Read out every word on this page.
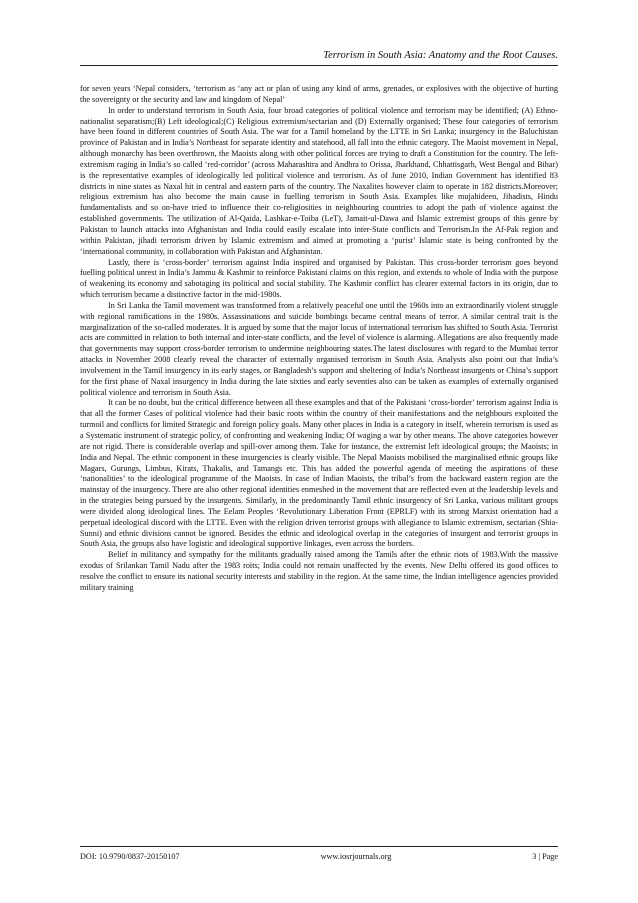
Terrorism in South Asia: Anatomy and the Root Causes.

for seven years ‘Nepal considers, ‘terrorism as ‘any act or plan of using any kind of arms, grenades, or explosives with the objective of hurting the sovereignty or the security and law and kingdom of Nepal’

In order to understand terrorism in South Asia, four broad categories of political violence and terrorism may be identified; (A) Ethno-nationalist separatism;(B) Left ideological;(C) Religious extremism/sectarian and (D) Externally organised; These four categories of terrorism have been found in different countries of South Asia. The war for a Tamil homeland by the LTTE in Sri Lanka; insurgency in the Baluchistan province of Pakistan and in India’s Northeast for separate identity and statehood, all fall into the ethnic category. The Maoist movement in Nepal, although monarchy has been overthrown, the Maoists along with other political forces are trying to draft a Constitution for the country. The left-extremism raging in India’s so called ‘red-corridor’ (across Maharashtra and Andhra to Orissa, Jharkhand, Chhattisgarh, West Bengal and Bihar) is the representative examples of ideologically led political violence and terrorism. As of June 2010, Indian Government has identified 83 districts in nine states as Naxal hit in central and eastern parts of the country. The Naxalites however claim to operate in 182 districts.Moreover; religious extremism has also become the main cause in fuelling terrorism in South Asia. Examples like mujahideen, Jihadists, Hindu fundamentalists and so on-have tried to influence their co-religiosities in neighbouring countries to adopt the path of violence against the established governments. The utilization of Al-Qaida, Lashkar-e-Toiba (LeT), Jamait-ul-Dawa and Islamic extremist groups of this genre by Pakistan to launch attacks into Afghanistan and India could easily escalate into inter-State conflicts and Terrorism.In the Af-Pak region and within Pakistan, jihadi terrorism driven by Islamic extremism and aimed at promoting a ‘purist’ Islamic state is being confronted by the ‘international community, in collaboration with Pakistan and Afghanistan.

Lastly, there is ‘cross-border’ terrorism against India inspired and organised by Pakistan. This cross-border terrorism goes beyond fuelling political unrest in India’s Jammu & Kashmir to reinforce Pakistani claims on this region, and extends to whole of India with the purpose of weakening its economy and sabotaging its political and social stability. The Kashmir conflict has clearer external factors in its origin, due to which terrorism became a distinctive factor in the mid-1980s.

In Sri Lanka the Tamil movement was transformed from a relatively peaceful one until the 1960s into an extraordinarily violent struggle with regional ramifications in the 1980s. Assassinations and suicide bombings became central means of terror. A similar central trait is the marginalization of the so-called moderates. It is argued by some that the major locus of international terrorism has shifted to South Asia. Terrorist acts are committed in relation to both internal and inter-state conflicts, and the level of violence is alarming. Allegations are also frequently made that governments may support cross-border terrorism to undermine neighbouring states.The latest disclosures with regard to the Mumbai terror attacks in November 2008 clearly reveal the character of externally organised terrorism in South Asia. Analysts also point out that India’s involvement in the Tamil insurgency in its early stages, or Bangladesh’s support and sheltering of India’s Northeast insurgents or China’s support for the first phase of Naxal insurgency in India during the late sixties and early seventies also can be taken as examples of externally organised political violence and terrorism in South Asia.

It can be no doubt, but the critical difference between all these examples and that of the Pakistani ‘cross-border’ terrorism against India is that all the former Cases of political violence had their basic roots within the country of their manifestations and the neighbours exploited the turmoil and conflicts for limited Strategic and foreign policy goals. Many other places in India is a category in itself, wherein terrorism is used as a Systematic instrument of strategic policy, of confronting and weakening India; Of waging a war by other means. The above categories however are not rigid. There is considerable overlap and spill-over among them. Take for instance, the extremist left ideological groups; the Maoists; in India and Nepal. The ethnic component in these insurgencies is clearly visible. The Nepal Maoists mobilised the marginalised ethnic groups like Magars, Gurungs, Limbus, Kirats, Thakalis, and Tamangs etc. This has added the powerful agenda of meeting the aspirations of these ‘nationalities’ to the ideological programme of the Maoists. In case of Indian Maoists, the tribal’s from the backward eastern region are the mainstay of the insurgency. There are also other regional identities enmeshed in the movement that are reflected even at the leadership levels and in the strategies being pursued by the insurgents. Similarly, in the predominantly Tamil ethnic insurgency of Sri Lanka, various militant groups were divided along ideological lines. The Eelam Peoples ‘Revolutionary Liberation Front (EPRLF) with its strong Marxist orientation had a perpetual ideological discord with the LTTE. Even with the religion driven terrorist groups with allegiance to Islamic extremism, sectarian (Shia-Sunni) and ethnic divisions cannot be ignored. Besides the ethnic and ideological overlap in the categories of insurgent and terrorist groups in South Asia, the groups also have logistic and ideological supportive linkages, even across the borders.

Belief in militancy and sympathy for the militants gradually raised among the Tamils after the ethnic riots of 1983.With the massive exodus of Srilankan Tamil Nadu after the 1983 roits; India could not remain unaffected by the events. New Delhi offered its good offices to resolve the conflict to ensure its national security interests and stability in the region. At the same time, the Indian intelligence agencies provided military training

DOI: 10.9790/0837-20150107	www.iosrjournals.org	3 | Page
